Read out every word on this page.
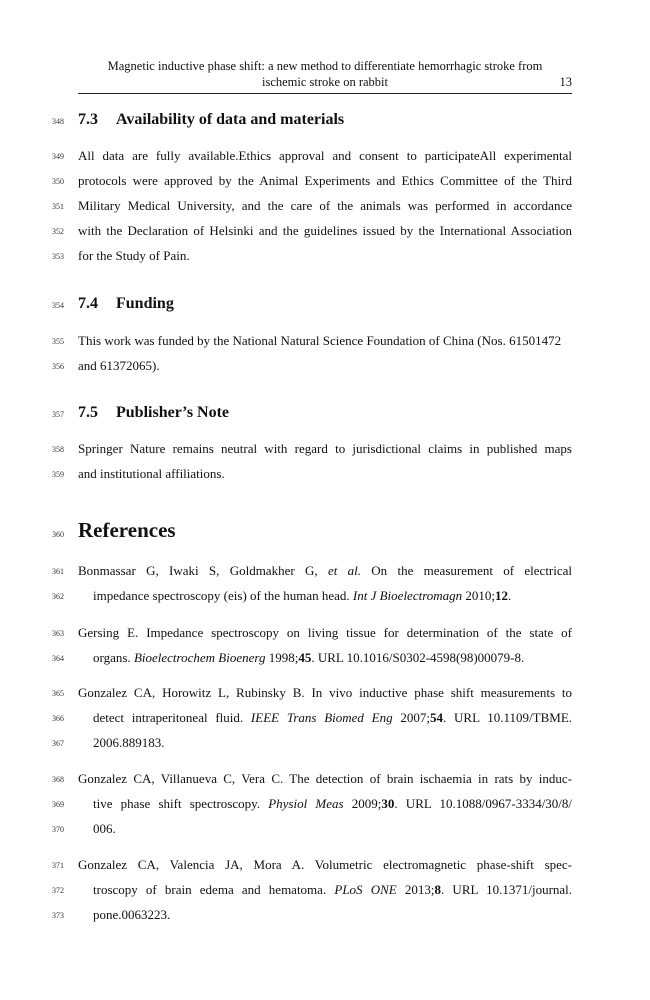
Magnetic inductive phase shift: a new method to differentiate hemorrhagic stroke from
ischemic stroke on rabbit	13
348
349
350
351
352
353
354
355
356
357
358
359
360
361
362
363
364
365
366
367
368
369
370
371
372
373
7.3 Availability of data and materials
All data are fully available.Ethics approval and consent to participateAll experimental
protocols were approved by the Animal Experiments and Ethics Committee of the Third
Military Medical University, and the care of the animals was performed in accordance
with the Declaration of Helsinki and the guidelines issued by the International Association
for the Study of Pain.
7.4 Funding
This work was funded by the National Natural Science Foundation of China (Nos. 61501472
and 61372065).
7.5 Publisher’s Note
Springer Nature remains neutral with regard to jurisdictional claims in published maps
and institutional affiliations.
References
Bonmassar G, Iwaki S, Goldmakher G, et al. On the measurement of electrical
impedance spectroscopy (eis) of the human head. Int J Bioelectromagn 2010;12.
Gersing E. Impedance spectroscopy on living tissue for determination of the state of
organs. Bioelectrochem Bioenerg 1998;45. URL 10.1016/S0302-4598(98)00079-8.
Gonzalez CA, Horowitz L, Rubinsky B. In vivo inductive phase shift measurements to
detect intraperitoneal fluid. IEEE Trans Biomed Eng 2007;54. URL 10.1109/TBME.
2006.889183.
Gonzalez CA, Villanueva C, Vera C. The detection of brain ischaemia in rats by induc-
tive phase shift spectroscopy. Physiol Meas 2009;30. URL 10.1088/0967-3334/30/8/
006.
Gonzalez CA, Valencia JA, Mora A. Volumetric electromagnetic phase-shift spec-
troscopy of brain edema and hematoma. PLoS ONE 2013;8. URL 10.1371/journal.
pone.0063223.
